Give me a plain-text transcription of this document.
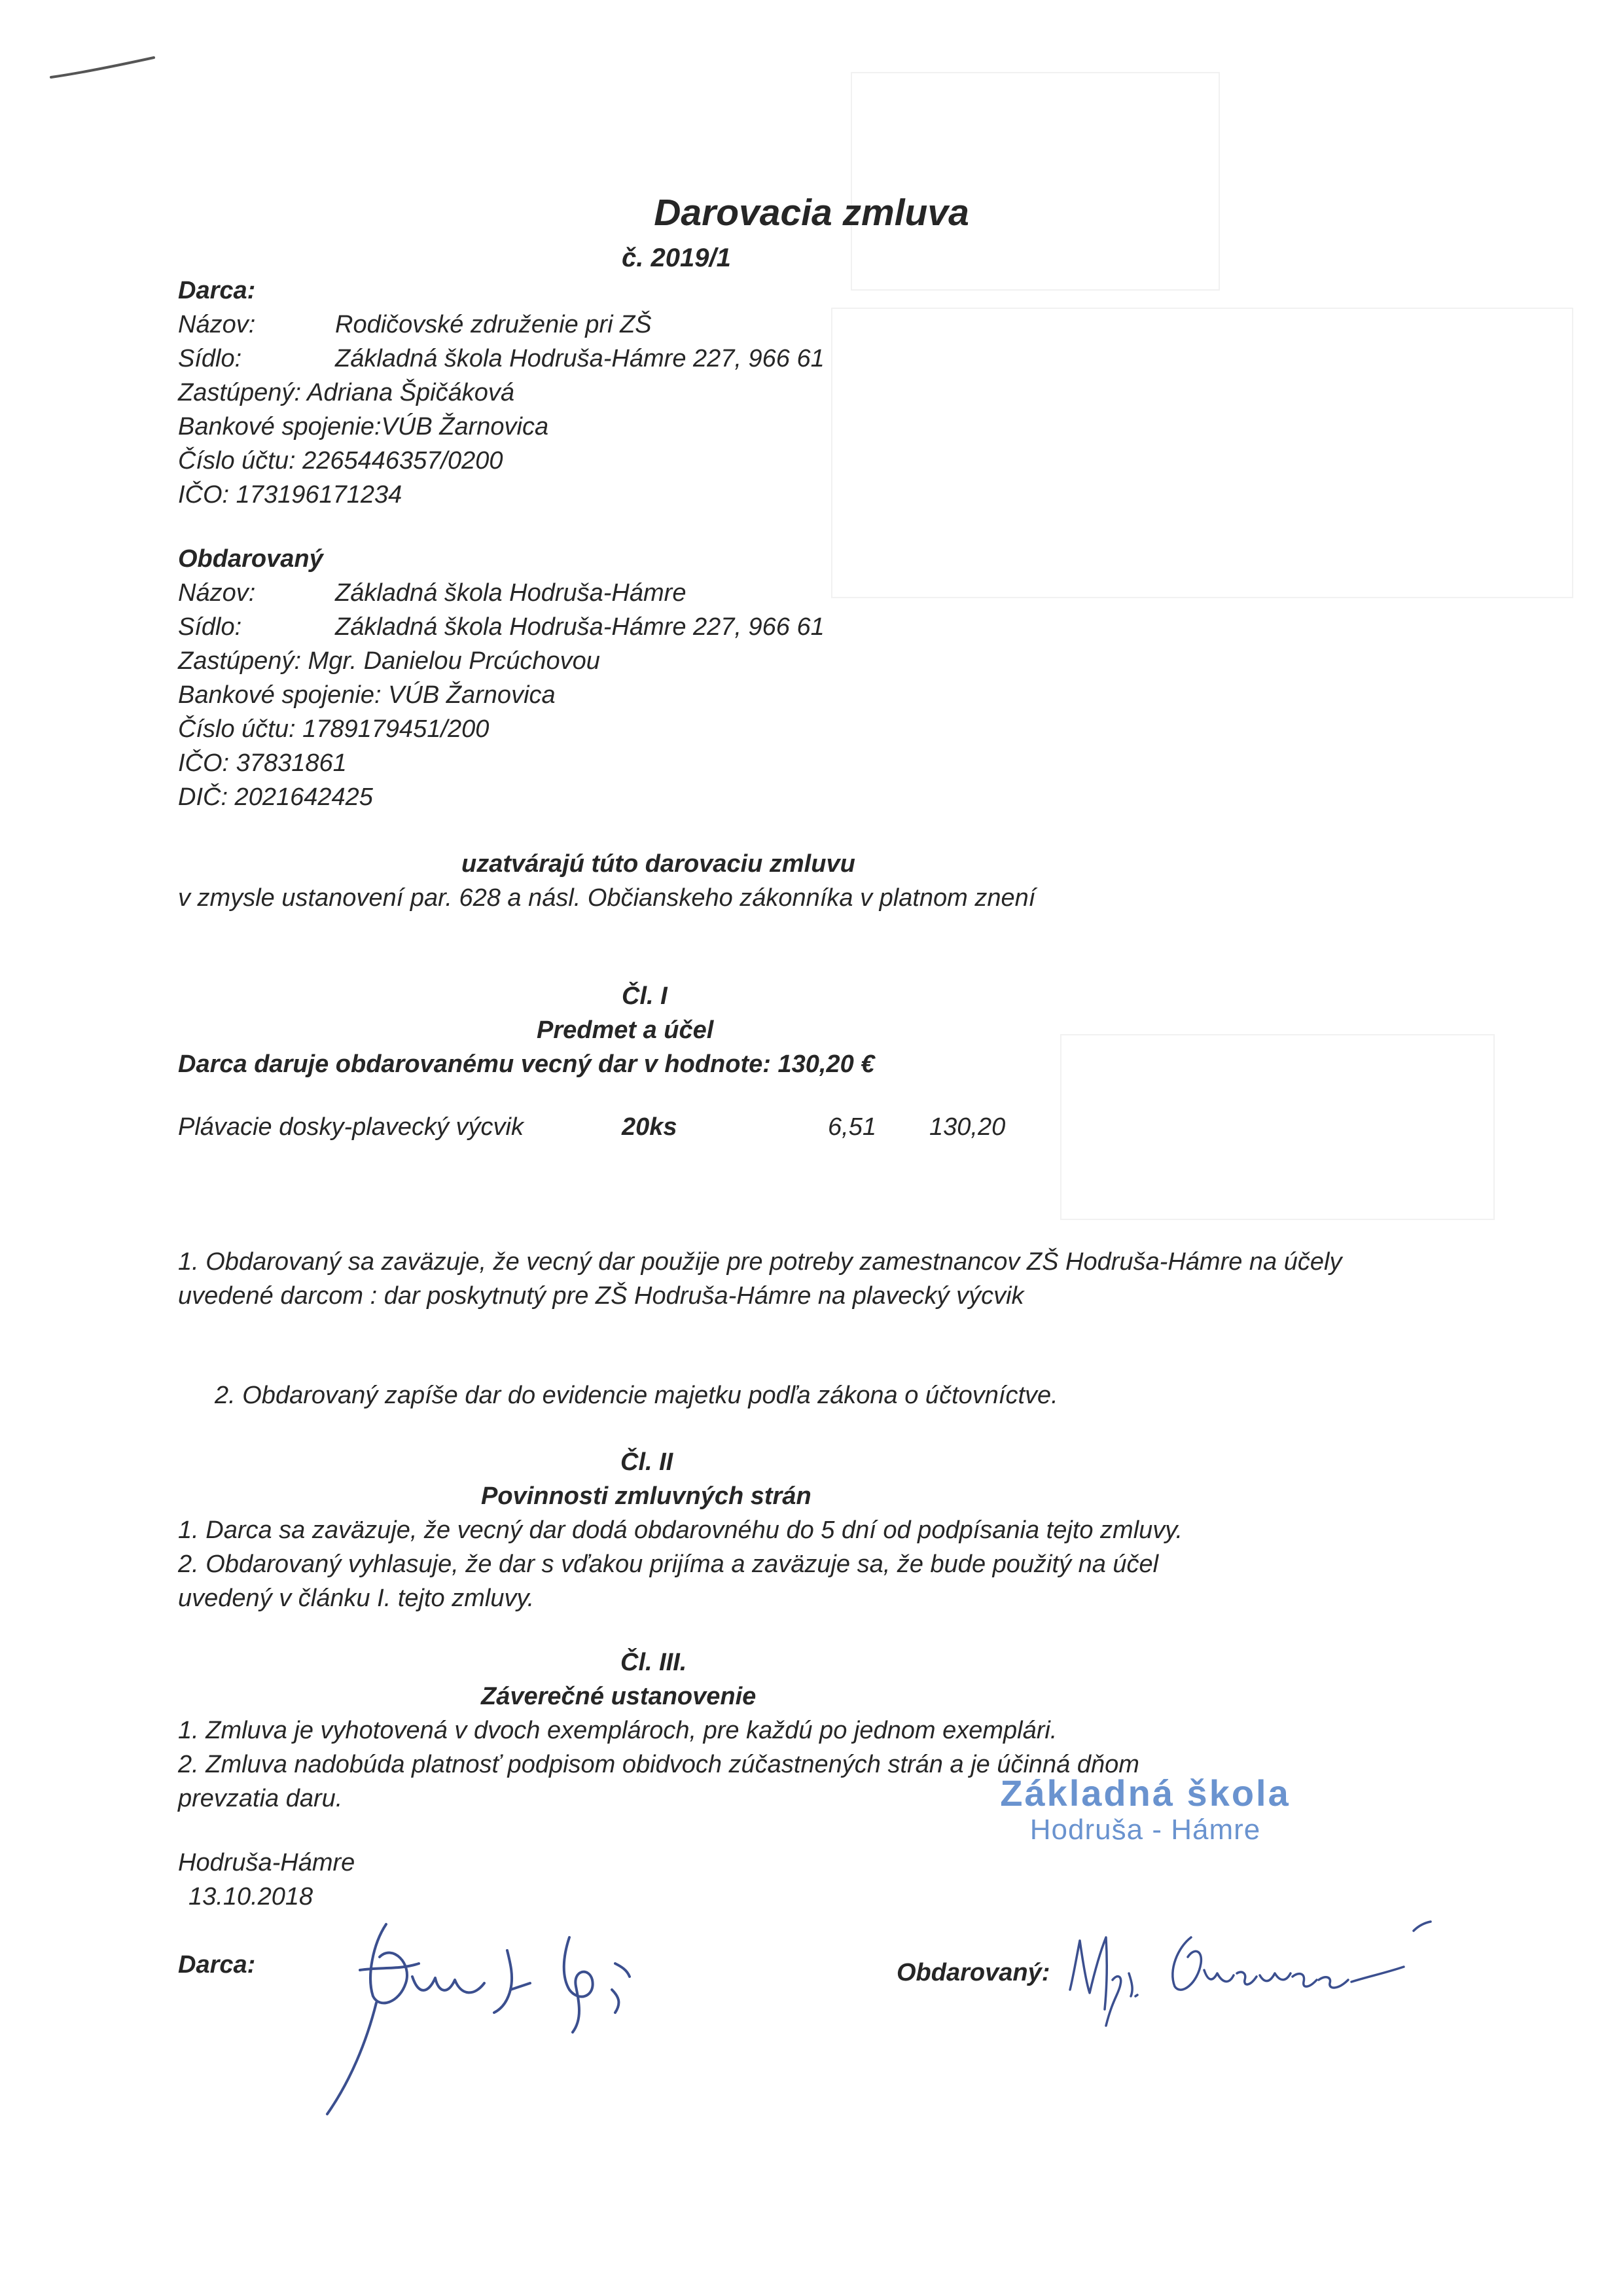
Darovacia zmluva
č. 2019/1
Darca:
Názov:	Rodičovské združenie pri ZŠ
Sídlo:	Základná škola Hodruša-Hámre 227, 966 61
Zastúpený: Adriana Špičáková
Bankové spojenie:VÚB Žarnovica
Číslo účtu: 2265446357/0200
IČO: 173196171234
Obdarovaný
Názov:	Základná škola Hodruša-Hámre
Sídlo:	Základná škola Hodruša-Hámre 227, 966 61
Zastúpený: Mgr. Danielou Prcúchovou
Bankové spojenie: VÚB Žarnovica
Číslo účtu: 1789179451/200
IČO: 37831861
DIČ: 2021642425
uzatvárajú túto darovaciu zmluvu
v zmysle ustanovení par. 628 a násl. Občianskeho zákonníka v platnom znení
Čl. I
Predmet a účel
Darca daruje obdarovanému vecný dar v hodnote: 130,20 €
Plávacie dosky-plavecký výcvik	20ks	6,51 130,20
1. Obdarovaný sa zaväzuje, že vecný dar použije pre potreby zamestnancov ZŠ Hodruša-Hámre na účely
uvedené darcom : dar poskytnutý pre ZŠ Hodruša-Hámre na plavecký výcvik
2. Obdarovaný zapíše dar do evidencie majetku podľa zákona o účtovníctve.
Čl. II
Povinnosti zmluvných strán
1. Darca sa zaväzuje, že vecný dar dodá obdarovnéhu do 5 dní od podpísania tejto zmluvy.
2. Obdarovaný vyhlasuje, že dar s vďakou prijíma a zaväzuje sa, že bude použitý na účel
uvedený v článku I. tejto zmluvy.
Čl. III.
Záverečné ustanovenie
1. Zmluva je vyhotovená v dvoch exemplároch, pre každú po jednom exemplári.
2. Zmluva nadobúda platnosť podpisom obidvoch zúčastnených strán a je účinná dňom
prevzatia daru.	Základná škola
Hodruša - Hámre
Hodruša-Hámre
13.10.2018
Darca:	Obdarovaný:
